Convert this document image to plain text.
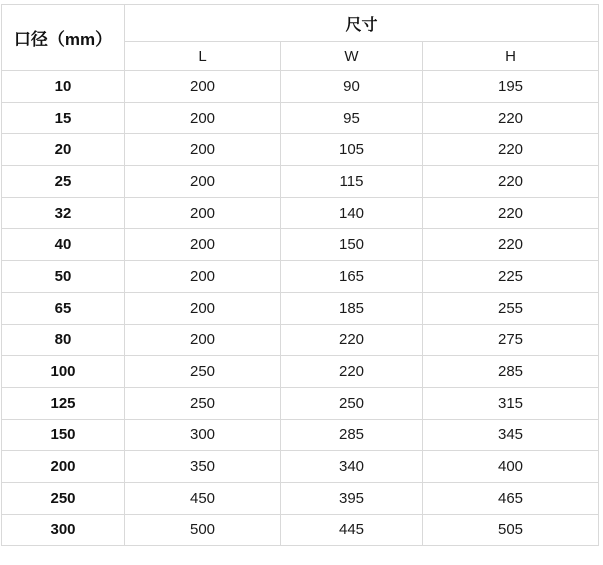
口径（mm）	尺寸		
	L	W	H
10	200	90	195
15	200	95	220
20	200	105	220
25	200	115	220
32	200	140	220
40	200	150	220
50	200	165	225
65	200	185	255
80	200	220	275
100	250	220	285
125	250	250	315
150	300	285	345
200	350	340	400
250	450	395	465
300	500	445	505
